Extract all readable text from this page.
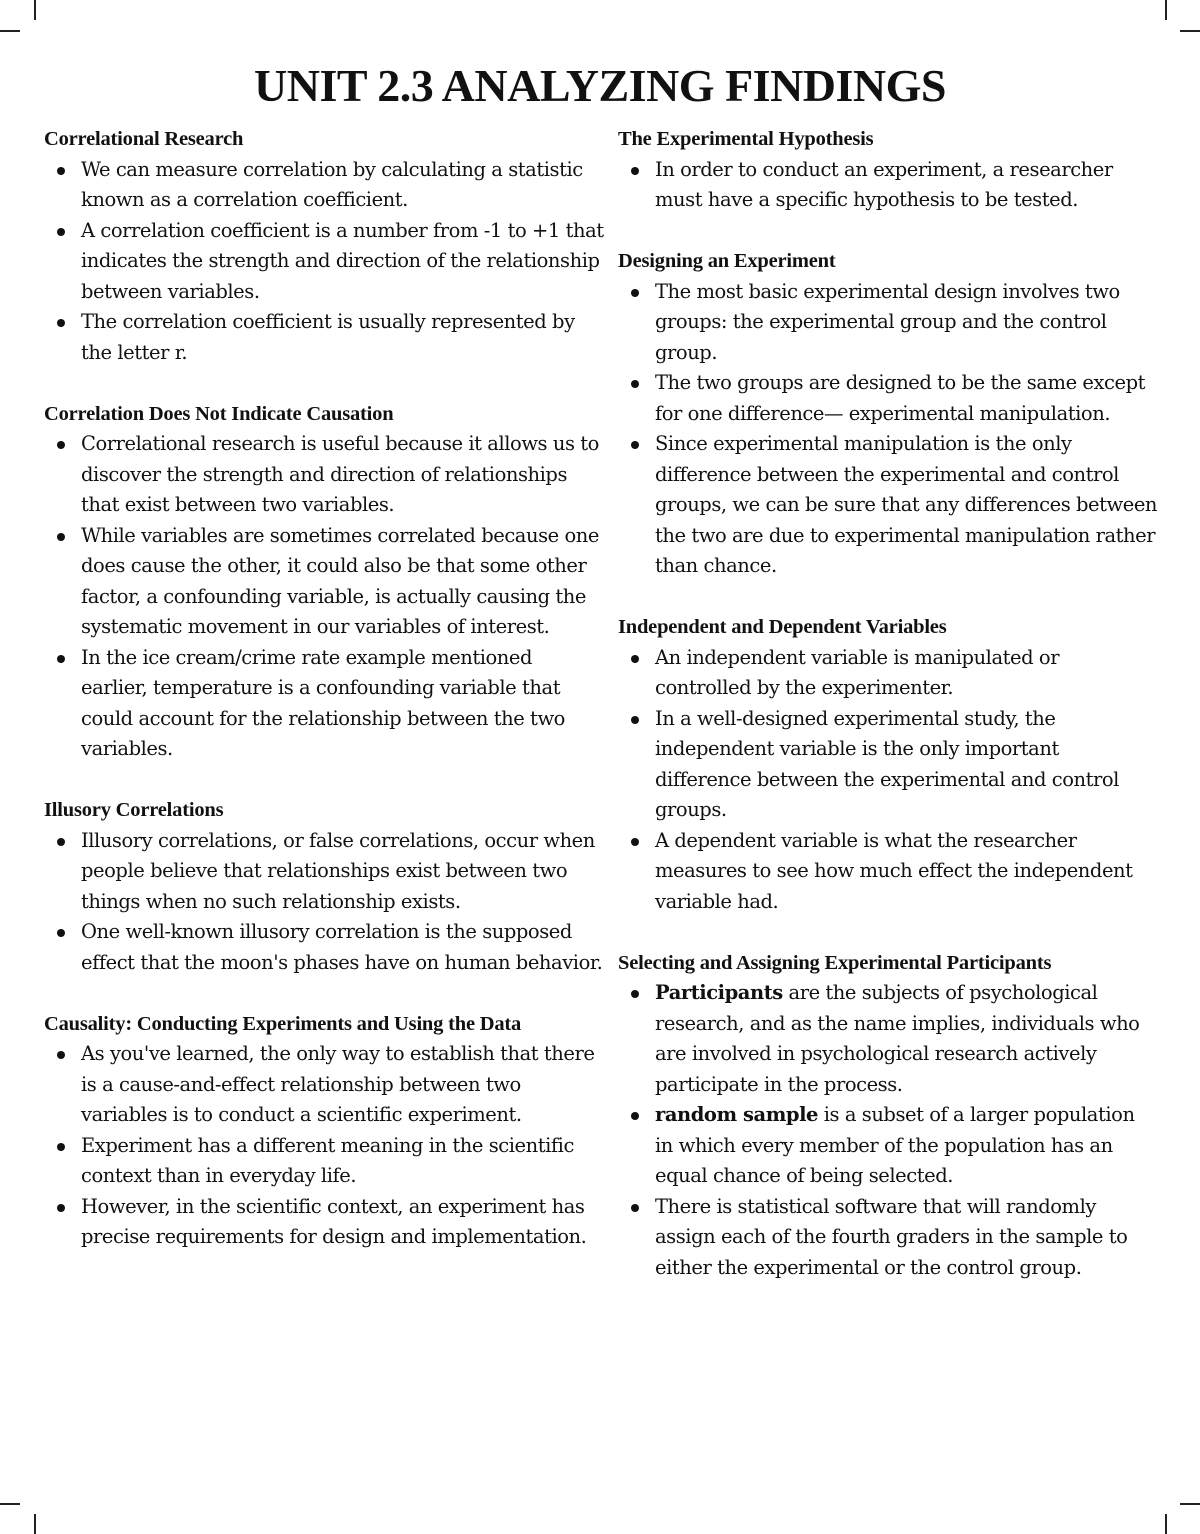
UNIT 2.3 ANALYZING FINDINGS
Correlational Research
We can measure correlation by calculating a statistic known as a correlation coefficient.
A correlation coefficient is a number from -1 to +1 that indicates the strength and direction of the relationship between variables.
The correlation coefficient is usually represented by the letter r.
Correlation Does Not Indicate Causation
Correlational research is useful because it allows us to discover the strength and direction of relationships that exist between two variables.
While variables are sometimes correlated because one does cause the other, it could also be that some other factor, a confounding variable, is actually causing the systematic movement in our variables of interest.
In the ice cream/crime rate example mentioned earlier, temperature is a confounding variable that could account for the relationship between the two variables.
Illusory Correlations
Illusory correlations, or false correlations, occur when people believe that relationships exist between two things when no such relationship exists.
One well-known illusory correlation is the supposed effect that the moon's phases have on human behavior.
Causality: Conducting Experiments and Using the Data
As you've learned, the only way to establish that there is a cause-and-effect relationship between two variables is to conduct a scientific experiment.
Experiment has a different meaning in the scientific context than in everyday life.
However, in the scientific context, an experiment has precise requirements for design and implementation.
The Experimental Hypothesis
In order to conduct an experiment, a researcher must have a specific hypothesis to be tested.
Designing an Experiment
The most basic experimental design involves two groups: the experimental group and the control group.
The two groups are designed to be the same except for one difference— experimental manipulation.
Since experimental manipulation is the only difference between the experimental and control groups, we can be sure that any differences between the two are due to experimental manipulation rather than chance.
Independent and Dependent Variables
An independent variable is manipulated or controlled by the experimenter.
In a well-designed experimental study, the independent variable is the only important difference between the experimental and control groups.
A dependent variable is what the researcher measures to see how much effect the independent variable had.
Selecting and Assigning Experimental Participants
Participants are the subjects of psychological research, and as the name implies, individuals who are involved in psychological research actively participate in the process.
random sample is a subset of a larger population in which every member of the population has an equal chance of being selected.
There is statistical software that will randomly assign each of the fourth graders in the sample to either the experimental or the control group.
